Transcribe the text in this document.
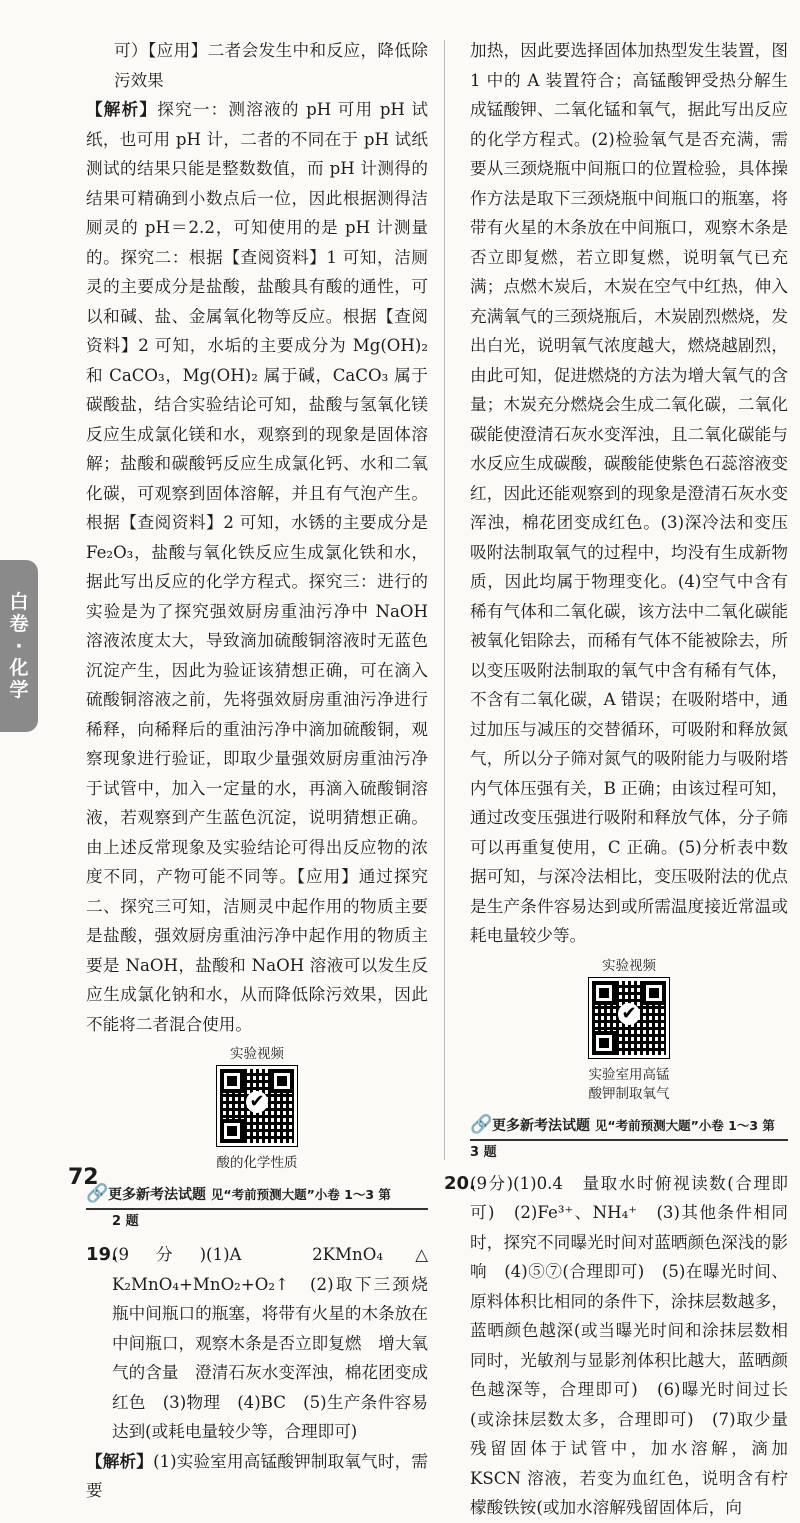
白卷·化学

可）【应用】二者会发生中和反应，降低除污效果

【解析】探究一：测溶液的 pH 可用 pH 试纸，也可用 pH 计，二者的不同在于 pH 试纸测试的结果只能是整数数值，而 pH 计测得的结果可精确到小数点后一位，因此根据测得洁厕灵的 pH＝2.2，可知使用的是 pH 计测量的。探究二：根据【查阅资料】1 可知，洁厕灵的主要成分是盐酸，盐酸具有酸的通性，可以和碱、盐、金属氧化物等反应。根据【查阅资料】2 可知，水垢的主要成分为 Mg(OH)₂ 和 CaCO₃，Mg(OH)₂ 属于碱，CaCO₃ 属于碳酸盐，结合实验结论可知，盐酸与氢氧化镁反应生成氯化镁和水，观察到的现象是固体溶解；盐酸和碳酸钙反应生成氯化钙、水和二氧化碳，可观察到固体溶解，并且有气泡产生。根据【查阅资料】2 可知，水锈的主要成分是 Fe₂O₃，盐酸与氧化铁反应生成氯化铁和水，据此写出反应的化学方程式。探究三：进行的实验是为了探究强效厨房重油污净中 NaOH 溶液浓度太大，导致滴加硫酸铜溶液时无蓝色沉淀产生，因此为验证该猜想正确，可在滴入硫酸铜溶液之前，先将强效厨房重油污净进行稀释，向稀释后的重油污净中滴加硫酸铜，观察现象进行验证，即取少量强效厨房重油污净于试管中，加入一定量的水，再滴入硫酸铜溶液，若观察到产生蓝色沉淀，说明猜想正确。由上述反常现象及实验结论可得出反应物的浓度不同，产物可能不同等。【应用】通过探究二、探究三可知，洁厕灵中起作用的物质主要是盐酸，强效厨房重油污净中起作用的物质主要是 NaOH，盐酸和 NaOH 溶液可以发生反应生成氯化钠和水，从而降低除污效果，因此不能将二者混合使用。

实验视频
✔
酸的化学性质
🔗更多新考法试题 见“考前预测大题”小卷 1～3 第
2 题

19.(9分)(1)A　2KMnO₄ △ K₂MnO₄+MnO₂+O₂↑　(2)取下三颈烧瓶中间瓶口的瓶塞，将带有火星的木条放在中间瓶口，观察木条是否立即复燃　增大氧气的含量　澄清石灰水变浑浊，棉花团变成红色　(3)物理　(4)BC　(5)生产条件容易达到(或耗电量较少等，合理即可)

【解析】(1)实验室用高锰酸钾制取氧气时，需要

加热，因此要选择固体加热型发生装置，图 1 中的 A 装置符合；高锰酸钾受热分解生成锰酸钾、二氧化锰和氧气，据此写出反应的化学方程式。(2)检验氧气是否充满，需要从三颈烧瓶中间瓶口的位置检验，具体操作方法是取下三颈烧瓶中间瓶口的瓶塞，将带有火星的木条放在中间瓶口，观察木条是否立即复燃，若立即复燃，说明氧气已充满；点燃木炭后，木炭在空气中红热，伸入充满氧气的三颈烧瓶后，木炭剧烈燃烧，发出白光，说明氧气浓度越大，燃烧越剧烈，由此可知，促进燃烧的方法为增大氧气的含量；木炭充分燃烧会生成二氧化碳，二氧化碳能使澄清石灰水变浑浊，且二氧化碳能与水反应生成碳酸，碳酸能使紫色石蕊溶液变红，因此还能观察到的现象是澄清石灰水变浑浊，棉花团变成红色。(3)深冷法和变压吸附法制取氧气的过程中，均没有生成新物质，因此均属于物理变化。(4)空气中含有稀有气体和二氧化碳，该方法中二氧化碳能被氧化铝除去，而稀有气体不能被除去，所以变压吸附法制取的氧气中含有稀有气体，不含有二氧化碳，A 错误；在吸附塔中，通过加压与减压的交替循环，可吸附和释放氮气，所以分子筛对氮气的吸附能力与吸附塔内气体压强有关，B 正确；由该过程可知，通过改变压强进行吸附和释放气体，分子筛可以再重复使用，C 正确。(5)分析表中数据可知，与深冷法相比，变压吸附法的优点是生产条件容易达到或所需温度接近常温或耗电量较少等。

实验视频
✔
实验室用高锰
酸钾制取氧气
🔗更多新考法试题 见“考前预测大题”小卷 1～3 第
3 题

20.(9分)(1)0.4　量取水时俯视读数(合理即可)　(2)Fe³⁺、NH₄⁺　(3)其他条件相同时，探究不同曝光时间对蓝晒颜色深浅的影响　(4)⑤⑦(合理即可)　(5)在曝光时间、原料体积比相同的条件下，涂抹层数越多，蓝晒颜色越深(或当曝光时间和涂抹层数相同时，光敏剂与显影剂体积比越大，蓝晒颜色越深等，合理即可)　(6)曝光时间过长(或涂抹层数太多，合理即可)　(7)取少量残留固体于试管中，加水溶解，滴加 KSCN 溶液，若变为血红色，说明含有柠檬酸铁铵(或加水溶解残留固体后，向

72
